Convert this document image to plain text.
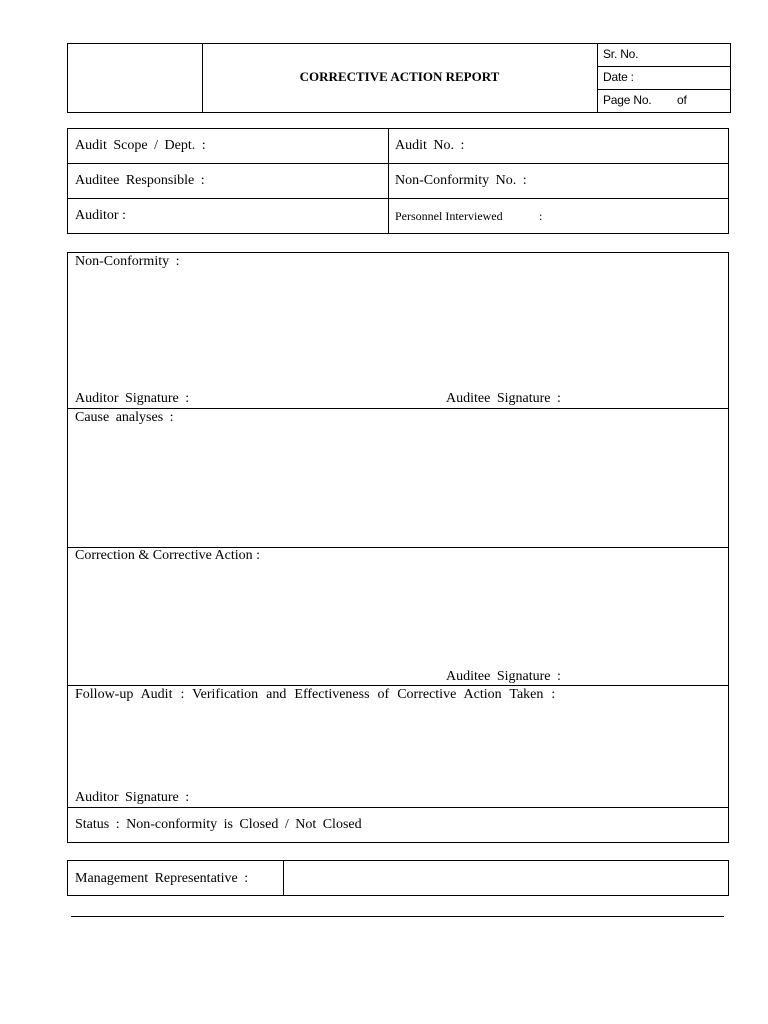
CORRECTIVE ACTION REPORT
Sr. No.
Date :
Page No. of
Audit Scope / Dept. :	Audit No. :
Auditee Responsible :	Non-Conformity No. :
Auditor :	Personnel Interviewed	:
Non-Conformity :
Auditor Signature :	Auditee Signature :
Cause analyses :
Correction & Corrective Action :
Auditee Signature :
Follow-up Audit : Verification and Effectiveness of Corrective Action Taken :
Auditor Signature :
Status : Non-conformity is Closed / Not Closed
Management Representative :
